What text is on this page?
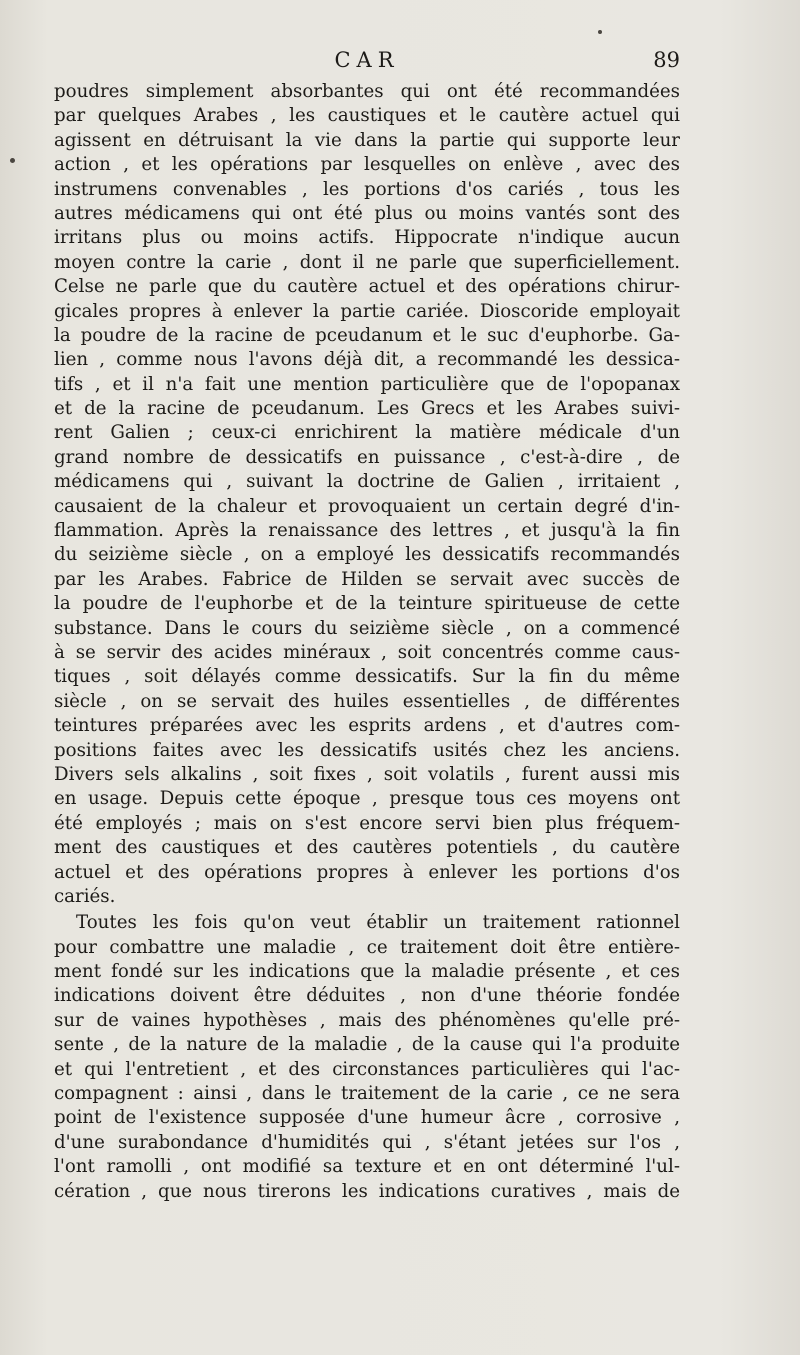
CAR	89
poudres simplement absorbantes qui ont été recommandées
par quelques Arabes , les caustiques et le cautère actuel qui
agissent en détruisant la vie dans la partie qui supporte leur
action , et les opérations par lesquelles on enlève , avec des
instrumens convenables , les portions d'os cariés , tous les
autres médicamens qui ont été plus ou moins vantés sont des
irritans plus ou moins actifs. Hippocrate n'indique aucun
moyen contre la carie , dont il ne parle que superficiellement.
Celse ne parle que du cautère actuel et des opérations chirur-
gicales propres à enlever la partie cariée. Dioscoride employait
la poudre de la racine de pceudanum et le suc d'euphorbe. Ga-
lien , comme nous l'avons déjà dit, a recommandé les dessica-
tifs , et il n'a fait une mention particulière que de l'opopanax
et de la racine de pceudanum. Les Grecs et les Arabes suivi-
rent Galien ; ceux-ci enrichirent la matière médicale d'un
grand nombre de dessicatifs en puissance , c'est-à-dire , de
médicamens qui , suivant la doctrine de Galien , irritaient ,
causaient de la chaleur et provoquaient un certain degré d'in-
flammation. Après la renaissance des lettres , et jusqu'à la fin
du seizième siècle , on a employé les dessicatifs recommandés
par les Arabes. Fabrice de Hilden se servait avec succès de
la poudre de l'euphorbe et de la teinture spiritueuse de cette
substance. Dans le cours du seizième siècle , on a commencé
à se servir des acides minéraux , soit concentrés comme caus-
tiques , soit délayés comme dessicatifs. Sur la fin du même
siècle , on se servait des huiles essentielles , de différentes
teintures préparées avec les esprits ardens , et d'autres com-
positions faites avec les dessicatifs usités chez les anciens.
Divers sels alkalins , soit fixes , soit volatils , furent aussi mis
en usage. Depuis cette époque , presque tous ces moyens ont
été employés ; mais on s'est encore servi bien plus fréquem-
ment des caustiques et des cautères potentiels , du cautère
actuel et des opérations propres à enlever les portions d'os
cariés.
Toutes les fois qu'on veut établir un traitement rationnel
pour combattre une maladie , ce traitement doit être entière-
ment fondé sur les indications que la maladie présente , et ces
indications doivent être déduites , non d'une théorie fondée
sur de vaines hypothèses , mais des phénomènes qu'elle pré-
sente , de la nature de la maladie , de la cause qui l'a produite
et qui l'entretient , et des circonstances particulières qui l'ac-
compagnent : ainsi , dans le traitement de la carie , ce ne sera
point de l'existence supposée d'une humeur âcre , corrosive ,
d'une surabondance d'humidités qui , s'étant jetées sur l'os ,
l'ont ramolli , ont modifié sa texture et en ont déterminé l'ul-
cération , que nous tirerons les indications curatives , mais de
